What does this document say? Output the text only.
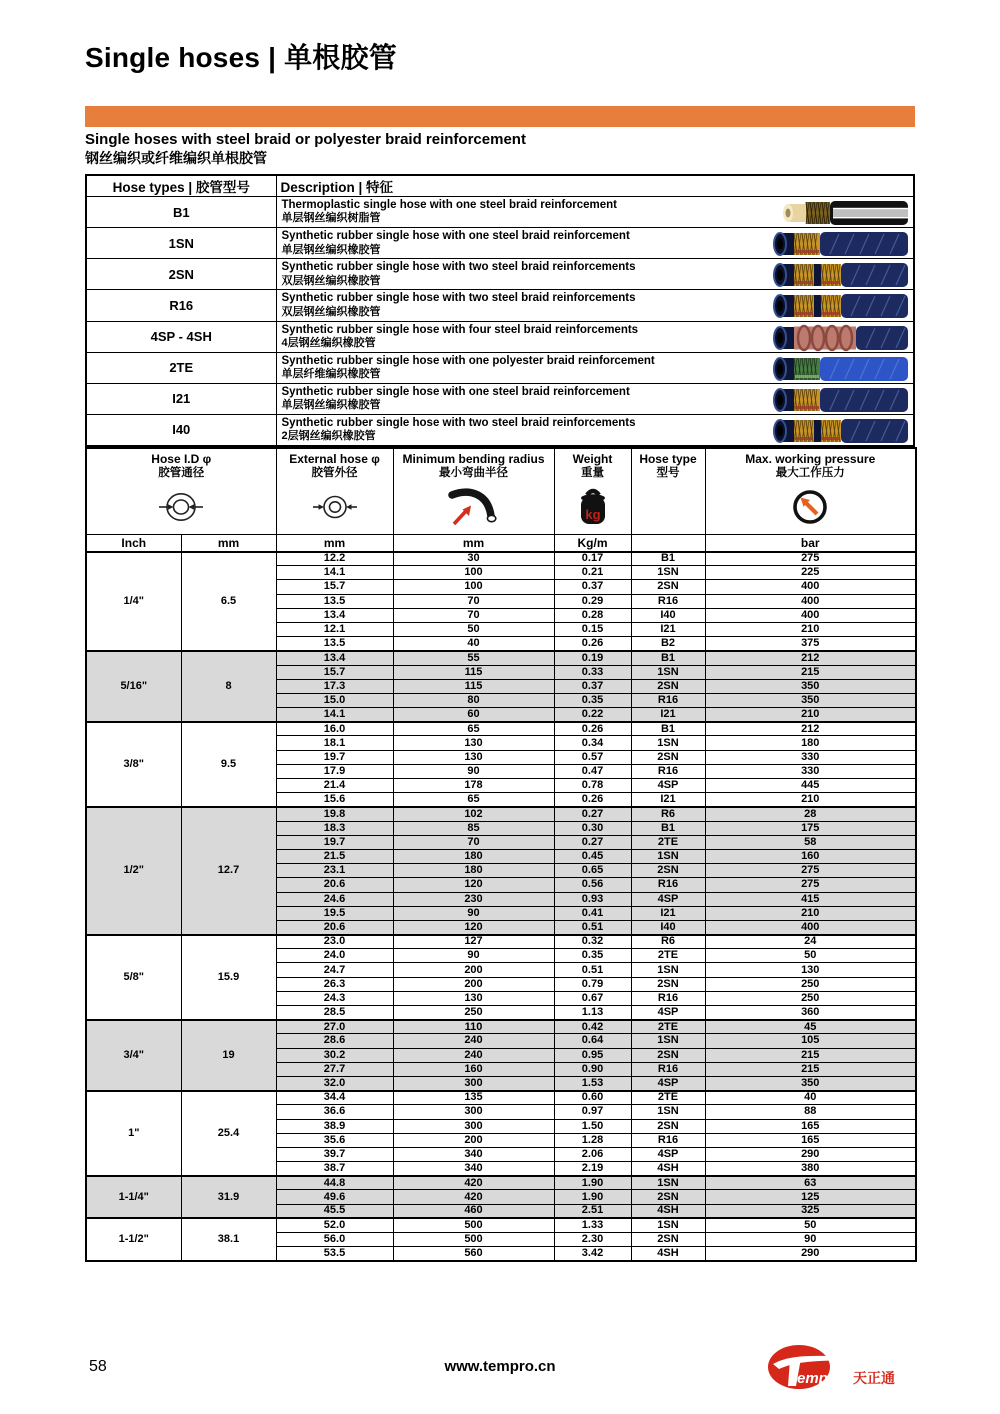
Single hoses | 单根胶管
Single hoses with steel braid or polyester braid reinforcement
钢丝编织或纤维编织单根胶管
Hose types | 胶管型号	Description | 特征
B1	Thermoplastic single hose with one steel braid reinforcement
单层钢丝编织树脂管

1SN	Synthetic rubber single hose with one steel braid reinforcement
单层钢丝编织橡胶管

2SN	Synthetic rubber single hose with two steel braid reinforcements
双层钢丝编织橡胶管

R16	Synthetic rubber single hose with two steel braid reinforcements
双层钢丝编织橡胶管

4SP - 4SH	Synthetic rubber single hose with four steel braid reinforcements
4层钢丝编织橡胶管

2TE	Synthetic rubber single hose with one polyester braid reinforcement
单层纤维编织橡胶管

I21	Synthetic rubber single hose with one steel braid reinforcement
单层钢丝编织橡胶管

I40	Synthetic rubber single hose with two steel braid reinforcements
2层钢丝编织橡胶管
Hose I.D φ
胶管通径

External hose φ
胶管外径

Minimum bending radius
最小弯曲半径

Weight
重量
kg

Hose type
型号

Max. working pressure
最大工作压力

Inch	mm	mm	mm	Kg/m		bar
1/4"	6.5	12.2	30	0.17	B1	275
		14.1	100	0.21	1SN	225
		15.7	100	0.37	2SN	400
		13.5	70	0.29	R16	400
		13.4	70	0.28	I40	400
		12.1	50	0.15	I21	210
		13.5	40	0.26	B2	375
5/16"	8	13.4	55	0.19	B1	212
		15.7	115	0.33	1SN	215
		17.3	115	0.37	2SN	350
		15.0	80	0.35	R16	350
		14.1	60	0.22	I21	210
3/8"	9.5	16.0	65	0.26	B1	212
		18.1	130	0.34	1SN	180
		19.7	130	0.57	2SN	330
		17.9	90	0.47	R16	330
		21.4	178	0.78	4SP	445
		15.6	65	0.26	I21	210
1/2"	12.7	19.8	102	0.27	R6	28
		18.3	85	0.30	B1	175
		19.7	70	0.27	2TE	58
		21.5	180	0.45	1SN	160
		23.1	180	0.65	2SN	275
		20.6	120	0.56	R16	275
		24.6	230	0.93	4SP	415
		19.5	90	0.41	I21	210
		20.6	120	0.51	I40	400
5/8"	15.9	23.0	127	0.32	R6	24
		24.0	90	0.35	2TE	50
		24.7	200	0.51	1SN	130
		26.3	200	0.79	2SN	250
		24.3	130	0.67	R16	250
		28.5	250	1.13	4SP	360
3/4"	19	27.0	110	0.42	2TE	45
		28.6	240	0.64	1SN	105
		30.2	240	0.95	2SN	215
		27.7	160	0.90	R16	215
		32.0	300	1.53	4SP	350
1"	25.4	34.4	135	0.60	2TE	40
		36.6	300	0.97	1SN	88
		38.9	300	1.50	2SN	165
		35.6	200	1.28	R16	165
		39.7	340	2.06	4SP	290
		38.7	340	2.19	4SH	380
1-1/4"	31.9	44.8	420	1.90	1SN	63
		49.6	420	1.90	2SN	125
		45.5	460	2.51	4SH	325
1-1/2"	38.1	52.0	500	1.33	1SN	50
		56.0	500	2.30	2SN	90
		53.5	560	3.42	4SH	290
58	www.tempro.cn
empro 天正通
